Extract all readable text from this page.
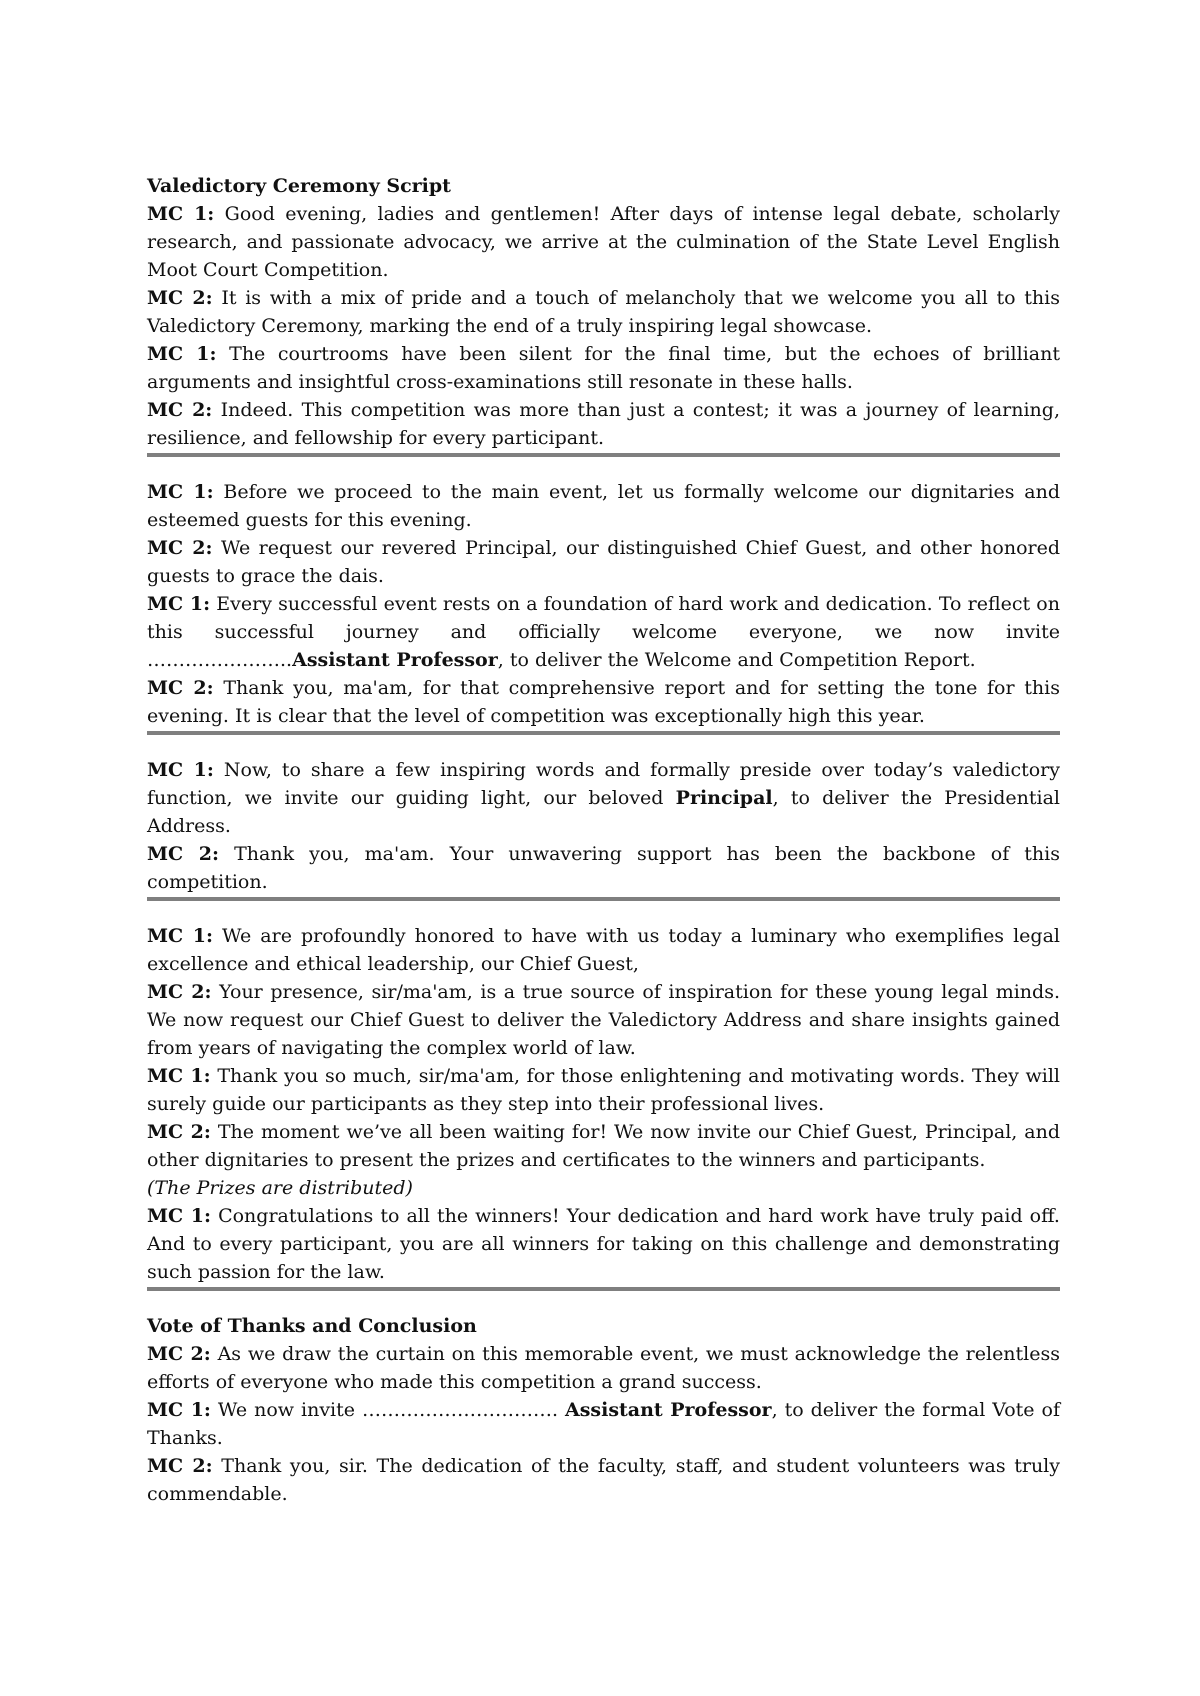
Valedictory Ceremony Script

MC 1: Good evening, ladies and gentlemen! After days of intense legal debate, scholarly research, and passionate advocacy, we arrive at the culmination of the State Level English Moot Court Competition.

MC 2: It is with a mix of pride and a touch of melancholy that we welcome you all to this Valedictory Ceremony, marking the end of a truly inspiring legal showcase.

MC 1: The courtrooms have been silent for the final time, but the echoes of brilliant arguments and insightful cross-examinations still resonate in these halls.

MC 2: Indeed. This competition was more than just a contest; it was a journey of learning, resilience, and fellowship for every participant.

MC 1: Before we proceed to the main event, let us formally welcome our dignitaries and esteemed guests for this evening.

MC 2: We request our revered Principal, our distinguished Chief Guest, and other honored guests to grace the dais.

MC 1: Every successful event rests on a foundation of hard work and dedication. To reflect on this successful journey and officially welcome everyone, we now invite …………………..Assistant Professor, to deliver the Welcome and Competition Report.

MC 2: Thank you, ma'am, for that comprehensive report and for setting the tone for this evening. It is clear that the level of competition was exceptionally high this year.

MC 1: Now, to share a few inspiring words and formally preside over today’s valedictory function, we invite our guiding light, our beloved Principal, to deliver the Presidential Address.

MC 2: Thank you, ma'am. Your unwavering support has been the backbone of this competition.

MC 1: We are profoundly honored to have with us today a luminary who exemplifies legal excellence and ethical leadership, our Chief Guest,

MC 2: Your presence, sir/ma'am, is a true source of inspiration for these young legal minds. We now request our Chief Guest to deliver the Valedictory Address and share insights gained from years of navigating the complex world of law.

MC 1: Thank you so much, sir/ma'am, for those enlightening and motivating words. They will surely guide our participants as they step into their professional lives.

MC 2: The moment we’ve all been waiting for! We now invite our Chief Guest, Principal, and other dignitaries to present the prizes and certificates to the winners and participants.

(The Prizes are distributed)

MC 1: Congratulations to all the winners! Your dedication and hard work have truly paid off. And to every participant, you are all winners for taking on this challenge and demonstrating such passion for the law.

Vote of Thanks and Conclusion

MC 2: As we draw the curtain on this memorable event, we must acknowledge the relentless efforts of everyone who made this competition a grand success.

MC 1: We now invite …………………………. Assistant Professor, to deliver the formal Vote of Thanks.

MC 2: Thank you, sir. The dedication of the faculty, staff, and student volunteers was truly commendable.
